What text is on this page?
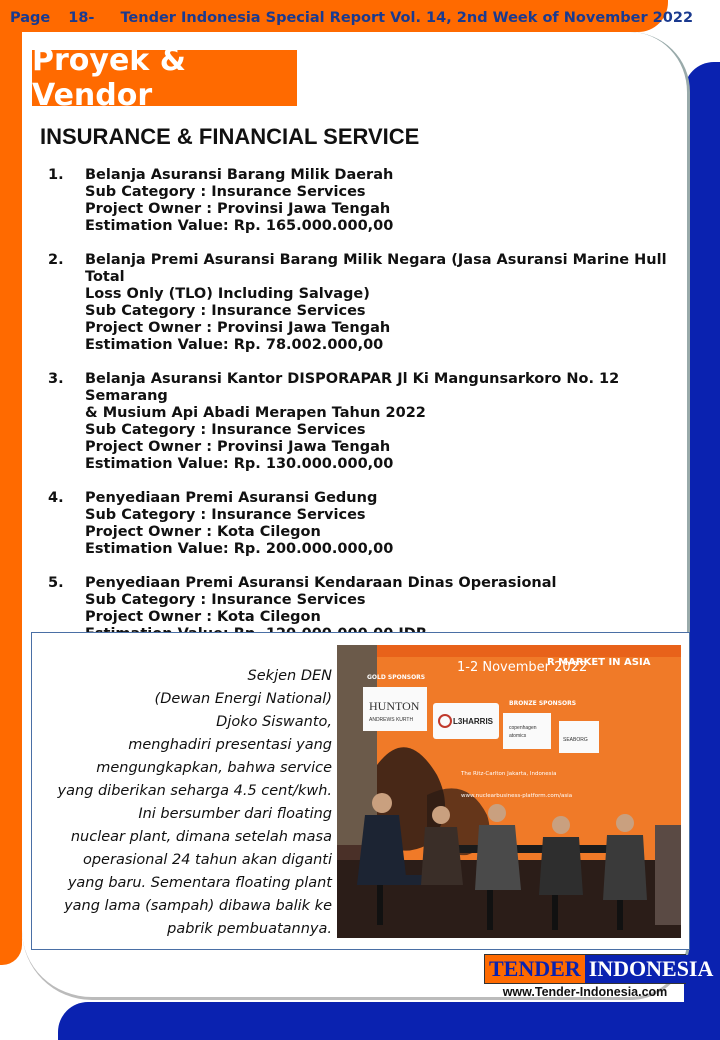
Page 18- Tender Indonesia Special Report Vol. 14, 2nd Week of November 2022
Proyek & Vendor
INSURANCE & FINANCIAL SERVICE
1.	Belanja Asuransi Barang Milik Daerah
Sub Category : Insurance Services
Project Owner : Provinsi Jawa Tengah
Estimation Value: Rp. 165.000.000,00
2.	Belanja Premi Asuransi Barang Milik Negara (Jasa Asuransi Marine Hull Total
Loss Only (TLO) Including Salvage)
Sub Category : Insurance Services
Project Owner : Provinsi Jawa Tengah
Estimation Value: Rp. 78.002.000,00
3.	Belanja Asuransi Kantor DISPORAPAR Jl Ki Mangunsarkoro No. 12 Semarang
& Musium Api Abadi Merapen Tahun 2022
Sub Category : Insurance Services
Project Owner : Provinsi Jawa Tengah
Estimation Value: Rp. 130.000.000,00
4.	Penyediaan Premi Asuransi Gedung
Sub Category : Insurance Services
Project Owner : Kota Cilegon
Estimation Value: Rp. 200.000.000,00
5.	Penyediaan Premi Asuransi Kendaraan Dinas Operasional
Sub Category : Insurance Services
Project Owner : Kota Cilegon
Sekjen DEN
(Dewan Energi National)
Djoko Siswanto,
menghadiri presentasi yang
mengungkapkan, bahwa service
yang diberikan seharga 4.5 cent/kwh.
Ini bersumber dari floating
nuclear plant, dimana setelah masa
operasional 24 tahun akan diganti
yang baru. Sementara floating plant
yang lama (sampah) dibawa balik ke
pabrik pembuatannya.
R MARKET IN ASIA
1-2 November 2022
GOLD SPONSORS
HUNTON
ANDREWS KURTH	L3HARRIS
BRONZE SPONSORS
copenhagen
atomics
SEABORG
The Ritz-Carlton Jakarta, Indonesia
www.nuclearbusiness-platform.com/asia
TENDER INDONESIA
www.Tender-Indonesia.com
